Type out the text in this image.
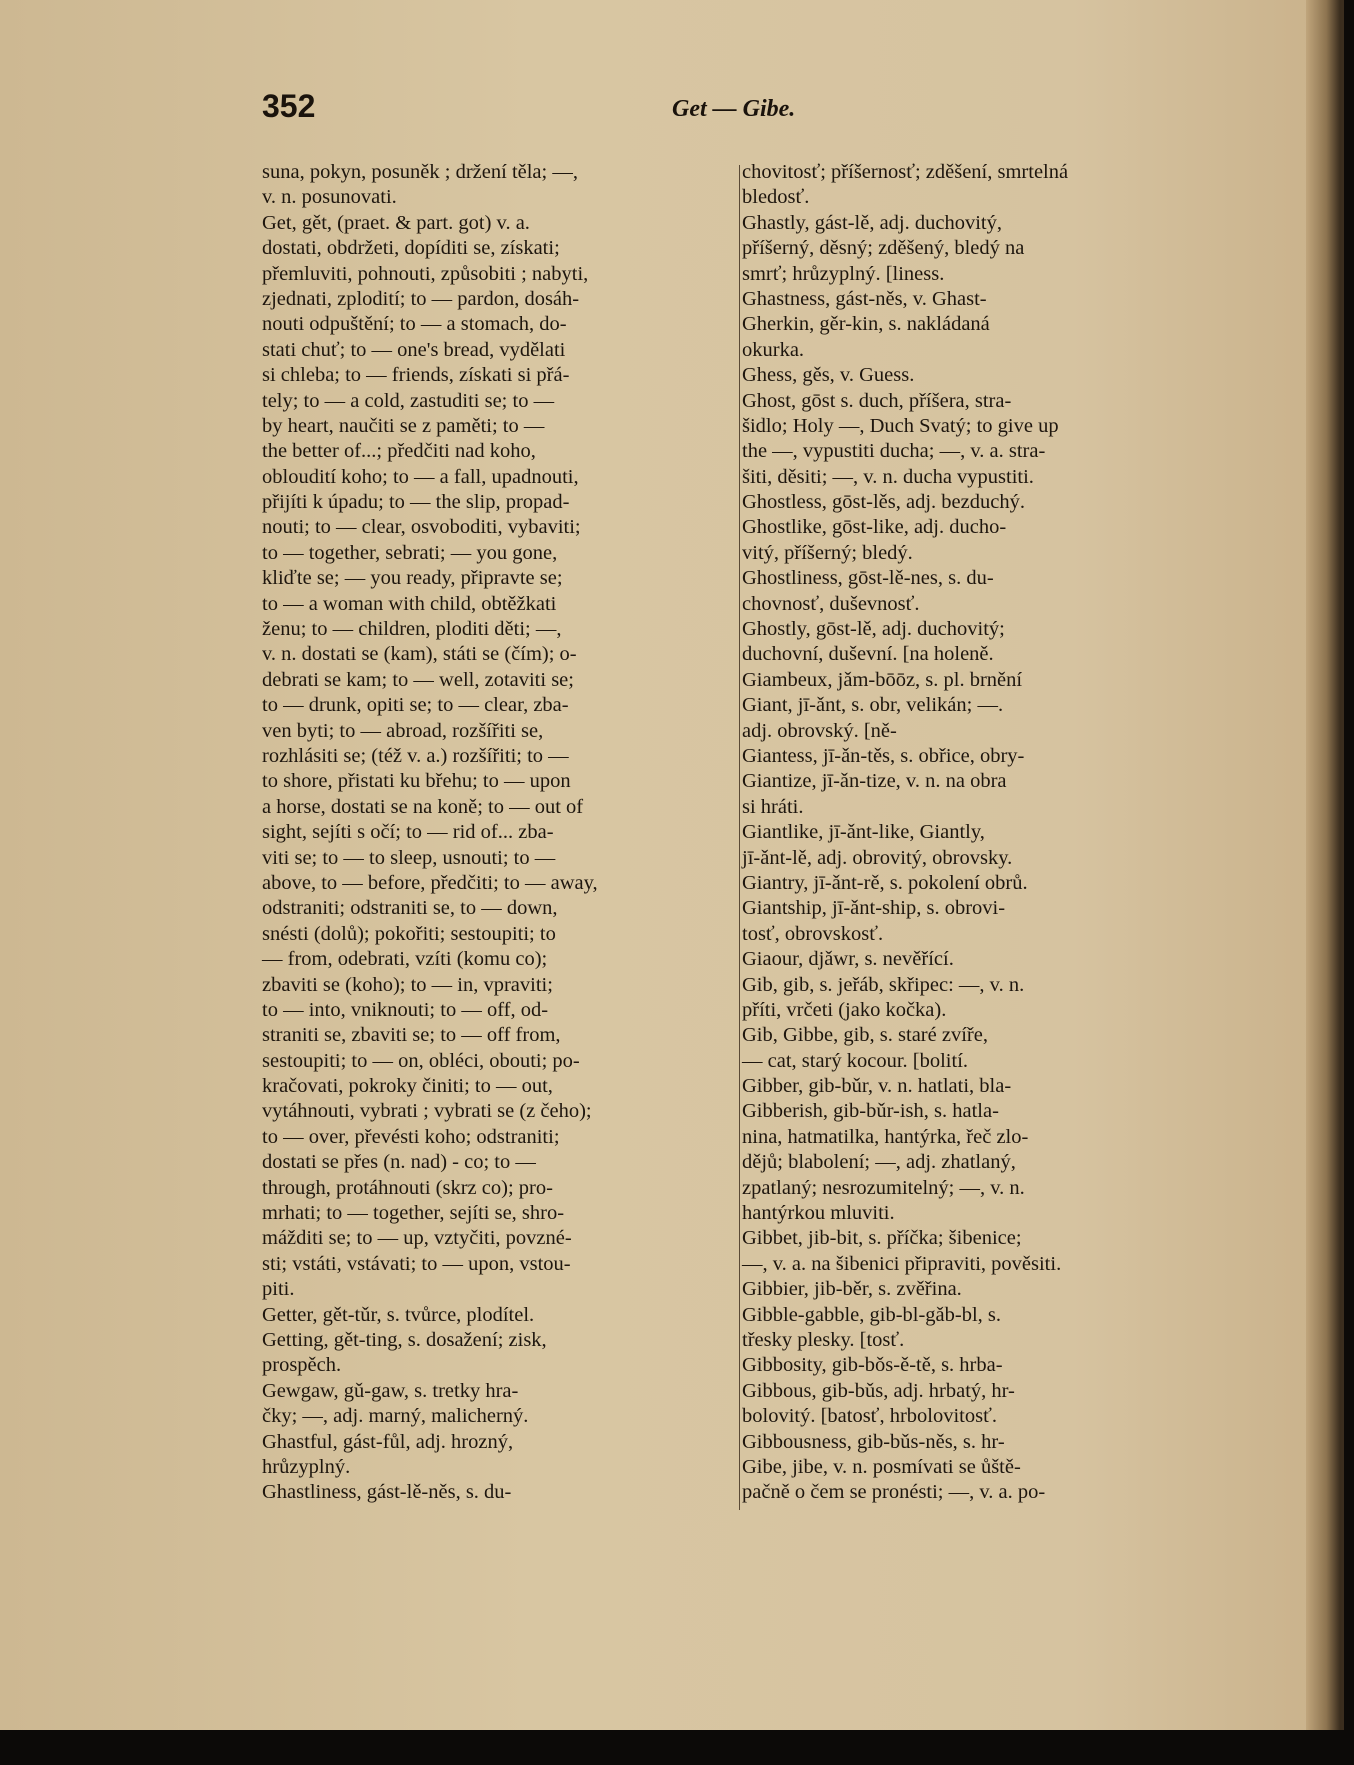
352	Get — Gibe.
suna, pokyn, posuněk ; držení těla; —,
v. n. posunovati.
Get, gět, (praet. & part. got) v. a.
dostati, obdržeti, dopíditi se, získati;
přemluviti, pohnouti, způsobiti ; nabyti,
zjednati, zplodití; to — pardon, dosáh-
nouti odpuštění; to — a stomach, do-
stati chuť; to — one's bread, vydělati
si chleba; to — friends, získati si přá-
tely; to — a cold, zastuditi se; to —
by heart, naučiti se z paměti; to —
the better of...; předčiti nad koho,
obloudití koho; to — a fall, upadnouti,
přijíti k úpadu; to — the slip, propad-
nouti; to — clear, osvoboditi, vybaviti;
to — together, sebrati; — you gone,
kliďte se; — you ready, připravte se;
to — a woman with child, obtěžkati
ženu; to — children, ploditi děti; —,
v. n. dostati se (kam), státi se (čím); o-
debrati se kam; to — well, zotaviti se;
to — drunk, opiti se; to — clear, zba-
ven byti; to — abroad, rozšířiti se,
rozhlásiti se; (též v. a.) rozšířiti; to —
to shore, přistati ku břehu; to — upon
a horse, dostati se na koně; to — out of
sight, sejíti s očí; to — rid of... zba-
viti se; to — to sleep, usnouti; to —
above, to — before, předčiti; to — away,
odstraniti; odstraniti se, to — down,
snésti (dolů); pokořiti; sestoupiti; to
— from, odebrati, vzíti (komu co);
zbaviti se (koho); to — in, vpraviti;
to — into, vniknouti; to — off, od-
straniti se, zbaviti se; to — off from,
sestoupiti; to — on, obléci, obouti; po-
kračovati, pokroky činiti; to — out,
vytáhnouti, vybrati ; vybrati se (z čeho);
to — over, převésti koho; odstraniti;
dostati se přes (n. nad) - co; to —
through, protáhnouti (skrz co); pro-
mrhati; to — together, sejíti se, shro-
mážditi se; to — up, vztyčiti, povzné-
sti; vstáti, vstávati; to — upon, vstou-
piti.
Getter, gět-tǔr, s. tvůrce, plodítel.
Getting, gět-ting, s. dosažení; zisk,
prospěch.
Gewgaw, gǔ-gaw, s. tretky hra-
čky; —, adj. marný, malicherný.
Ghastful, gást-fůl, adj. hrozný,
hrůzyplný.
Ghastliness, gást-lě-něs, s. du-
chovitosť; příšernosť; zděšení, smrtelná
bledosť.
Ghastly, gást-lě, adj. duchovitý,
příšerný, děsný; zděšený, bledý na
smrť; hrůzyplný. [liness.
Ghastness, gást-něs, v. Ghast-
Gherkin, gěr-kin, s. nakládaná
okurka.
Ghess, gěs, v. Guess.
Ghost, gōst s. duch, příšera, stra-
šidlo; Holy —, Duch Svatý; to give up
the —, vypustiti ducha; —, v. a. stra-
šiti, děsiti; —, v. n. ducha vypustiti.
Ghostless, gōst-lěs, adj. bezduchý.
Ghostlike, gōst-like, adj. ducho-
vitý, příšerný; bledý.
Ghostliness, gōst-lě-nes, s. du-
chovnosť, duševnosť.
Ghostly, gōst-lě, adj. duchovitý;
duchovní, duševní. [na holeně.
Giambeux, jǎm-bōōz, s. pl. brnění
Giant, jī-ǎnt, s. obr, velikán; —.
adj. obrovský. [ně-
Giantess, jī-ǎn-těs, s. obřice, obry-
Giantize, jī-ǎn-tize, v. n. na obra
si hráti.
Giantlike, jī-ǎnt-like, Giantly,
jī-ǎnt-lě, adj. obrovitý, obrovsky.
Giantry, jī-ǎnt-rě, s. pokolení obrů.
Giantship, jī-ǎnt-ship, s. obrovi-
tosť, obrovskosť.
Giaour, djǎwr, s. nevěřící.
Gib, gib, s. jeřáb, skřipec: —, v. n.
příti, vrčeti (jako kočka).
Gib, Gibbe, gib, s. staré zvíře,
— cat, starý kocour. [bolití.
Gibber, gib-bǔr, v. n. hatlati, bla-
Gibberish, gib-bǔr-ish, s. hatla-
nina, hatmatilka, hantýrka, řeč zlo-
dějů; blabolení; —, adj. zhatlaný,
zpatlaný; nesrozumitelný; —, v. n.
hantýrkou mluviti.
Gibbet, jib-bit, s. příčka; šibenice;
—, v. a. na šibenici připraviti, pověsiti.
Gibbier, jib-běr, s. zvěřina.
Gibble-gabble, gib-bl-gǎb-bl, s.
třesky plesky. [tosť.
Gibbosity, gib-bǒs-ě-tě, s. hrba-
Gibbous, gib-bǔs, adj. hrbatý, hr-
bolovitý. [batosť, hrbolovitosť.
Gibbousness, gib-bǔs-něs, s. hr-
Gibe, jibe, v. n. posmívati se ůště-
pačně o čem se pronésti; —, v. a. po-
